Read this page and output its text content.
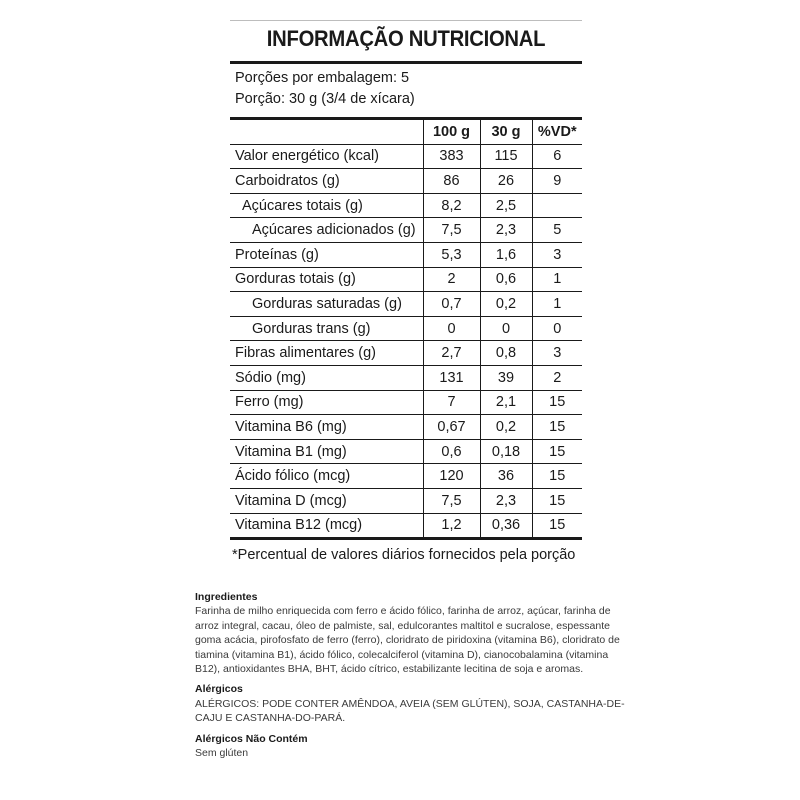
INFORMAÇÃO NUTRICIONAL
Porções por embalagem: 5
Porção: 30 g (3/4 de xícara)
	100 g	30 g	%VD*
Valor energético (kcal)	383	115	6
Carboidratos (g)	86	26	9
Açúcares totais (g)	8,2	2,5	
Açúcares adicionados (g)	7,5	2,3	5
Proteínas (g)	5,3	1,6	3
Gorduras totais (g)	2	0,6	1
Gorduras saturadas (g)	0,7	0,2	1
Gorduras trans (g)	0	0	0
Fibras alimentares (g)	2,7	0,8	3
Sódio (mg)	131	39	2
Ferro (mg)	7	2,1	15
Vitamina B6 (mg)	0,67	0,2	15
Vitamina B1 (mg)	0,6	0,18	15
Ácido fólico (mcg)	120	36	15
Vitamina D (mcg)	7,5	2,3	15
Vitamina B12 (mcg)	1,2	0,36	15
*Percentual de valores diários fornecidos pela porção
Ingredientes

Farinha de milho enriquecida com ferro e ácido fólico, farinha de arroz, açúcar, farinha de arroz integral, cacau, óleo de palmiste, sal, edulcorantes maltitol e sucralose, espessante goma acácia, pirofosfato de ferro (ferro), cloridrato de piridoxina (vitamina B6), cloridrato de tiamina (vitamina B1), ácido fólico, colecalciferol (vitamina D), cianocobalamina (vitamina B12), antioxidantes BHA, BHT, ácido cítrico, estabilizante lecitina de soja e aromas.

Alérgicos

ALÉRGICOS: PODE CONTER AMÊNDOA, AVEIA (SEM GLÚTEN), SOJA, CASTANHA-DE-CAJU E CASTANHA-DO-PARÁ.

Alérgicos Não Contém

Sem glúten
